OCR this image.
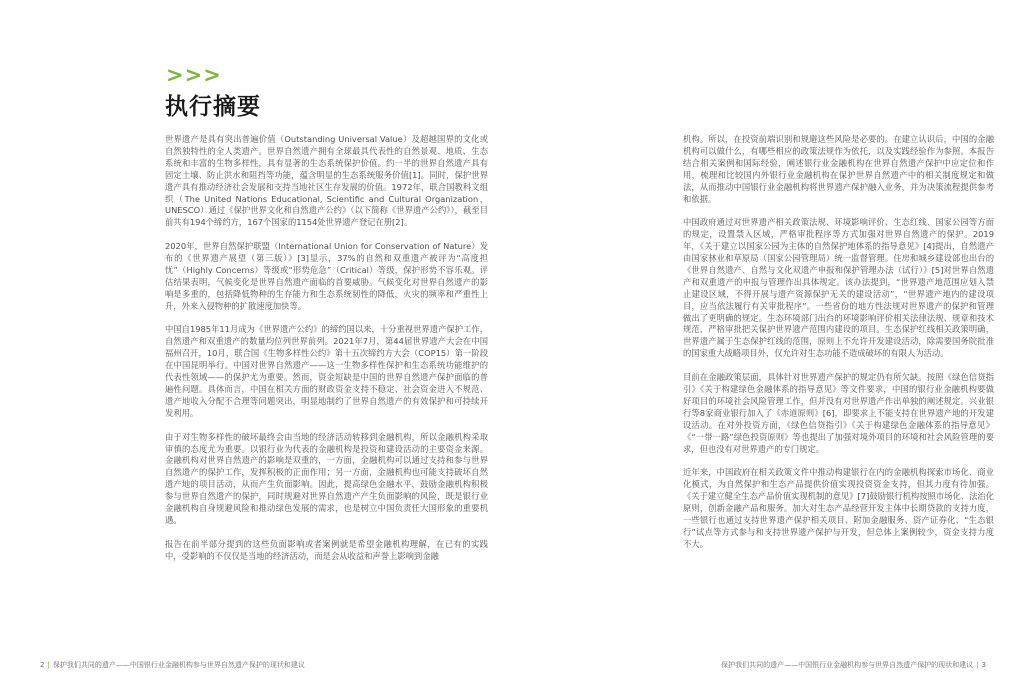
>>>
执行摘要

世界遗产是具有突出普遍价值（Outstanding Universal Value）及超越国界的文化或自然独特性的全人类遗产。世界自然遗产拥有全球最具代表性的自然景观、地质、生态系统和丰富的生物多样性，具有显著的生态系统保护价值。约一半的世界自然遗产具有固定土壤、防止洪水和阻挡等功能，蕴含明显的生态系统服务价值[1]。同时，保护世界遗产具有推动经济社会发展和支持当地社区生存发展的价值。1972年，联合国教科文组织（The United Nations Educational, Scientific and Cultural Organization，UNESCO）通过《保护世界文化和自然遗产公约》（以下简称《世界遗产公约》），截至目前共有194个缔约方，167个国家的1154处世界遗产登记在册[2]。

2020年，世界自然保护联盟（International Union for Conservation of Nature）发布的《世界遗产展望（第三版）》[3]显示，37%的自然和双重遗产被评为“高度担忧”（Highly Concerns）等级或“形势危急”（Critical）等级，保护形势不容乐观。评估结果表明，气候变化是世界自然遗产面临的首要威胁。气候变化对世界自然遗产的影响是多重的，包括降低物种的生存能力和生态系统韧性的降低，火灾的频率和严重性上升，外来入侵物种的扩散速度加快等。

中国自1985年11月成为《世界遗产公约》的缔约国以来，十分重视世界遗产保护工作，自然遗产和双重遗产的数量均位列世界前列。2021年7月，第44届世界遗产大会在中国福州召开，10月，联合国《生物多样性公约》第十五次缔约方大会（COP15）第一阶段在中国昆明举行。中国对世界自然遗产——这一生物多样性保护和生态系统功能维护的代表性领域——的保护尤为重要。然而，资金短缺是中国的世界自然遗产保护面临的普遍性问题。具体而言，中国在相关方面的财政资金支持不稳定、社会资金进入不规范、遗产地收入分配不合理等问题突出，明显地制约了世界自然遗产的有效保护和可持续开发利用。

由于对生物多样性的破坏最终会由当地的经济活动转移到金融机构，所以金融机构采取审慎的态度尤为重要。以银行业为代表的金融机构是投资和建设活动的主要资金来源。金融机构对世界自然遗产的影响是双重的，一方面，金融机构可以通过支持和参与世界自然遗产的保护工作，发挥积极的正面作用；另一方面，金融机构也可能支持破坏自然遗产地的项目活动，从而产生负面影响。因此，提高绿色金融水平，鼓励金融机构积极参与世界自然遗产的保护，同时规避对世界自然遗产产生负面影响的风险，既是银行业金融机构自身规避风险和推动绿色发展的需求，也是树立中国负责任大国形象的重要机遇。

报告在前半部分提到的这些负面影响或者案例就是希望金融机构理解，在已有的实践中，受影响的不仅仅是当地的经济活动，而是会从收益和声誉上影响到金融

机构。所以，在投资前端识别和规避这些风险是必要的。在建立认识后，中国的金融机构可以做什么，有哪些相应的政策法规作为依托，以及实践经验作为参照。本报告结合相关案例和国际经验，阐述银行业金融机构在世界自然遗产保护中应定位和作用，梳理和比较国内外银行业金融机构在保护世界自然遗产中的相关制度规定和做法，从而推动中国银行业金融机构将世界遗产保护融入业务，并为决策流程提供参考和依据。

中国政府通过对世界遗产相关政策法规、环境影响评价、生态红线、国家公园等方面的规定，设置禁入区域，严格审批程序等方式加强对世界自然遗产的保护。2019年，《关于建立以国家公园为主体的自然保护地体系的指导意见》[4]提出，自然遗产由国家林业和草原局（国家公园管理局）统一监督管理。住房和城乡建设部也出台的《世界自然遗产、自然与文化双遗产申报和保护管理办法（试行）》[5]对世界自然遗产和双重遗产的申报与管理作出具体规定。该办法提到，“世界遗产地范围应划入禁止建设区域，不得开展与遗产资源保护无关的建设活动”，“世界遗产地内的建设项目，应当依法履行有关审批程序”。一些省份的地方性法规对世界遗产的保护和管理做出了更明确的规定。生态环境部门出台的环境影响评价相关法律法规、规章和技术规范，严格审批把关保护世界遗产范围内建设的项目。生态保护红线相关政策明确，世界遗产属于生态保护红线的范围，原则上不允许开发建设活动，除需要国务院批准的国家重大战略项目外，仅允许对生态功能不造成破坏的有限人为活动。

目前在金融政策层面，具体针对世界遗产保护的规定仍有所欠缺。按照《绿色信贷指引》《关于构建绿色金融体系的指导意见》等文件要求，中国的银行业金融机构要做好项目的环境社会风险管理工作，但并没有对世界遗产作出单独的阐述规定。兴业银行等8家商业银行加入了《赤道原则》[6]，即要求上不能支持在世界遗产地的开发建设活动。在对外投资方面，《绿色信贷指引》《关于构建绿色金融体系的指导意见》《“一带一路”绿色投资原则》等也提出了加强对境外项目的环境和社会风险管理的要求，但也没有对世界遗产的专门规定。

近年来，中国政府在相关政策文件中推动构建银行在内的金融机构探索市场化、商业化模式，为自然保护和生态产品提供价值实现投资资金支持，但其力度有待加强。《关于建立健全生态产品价值实现机制的意见》[7]鼓励银行机构按照市场化、法治化原则，创新金融产品和服务。加大对生态产品经营开发主体中长期贷款的支持力度，一些银行也通过支持世界遗产保护相关项目、附加金融服务、资产证券化、“生态银行”试点等方式参与和支持世界遗产保护与开发，但总体上案例较少，资金支持力度不大。

2 | 保护我们共同的遗产——中国银行业金融机构参与世界自然遗产保护的现状和建议	保护我们共同的遗产——中国银行业金融机构参与世界自然遗产保护的现状和建议 | 3
